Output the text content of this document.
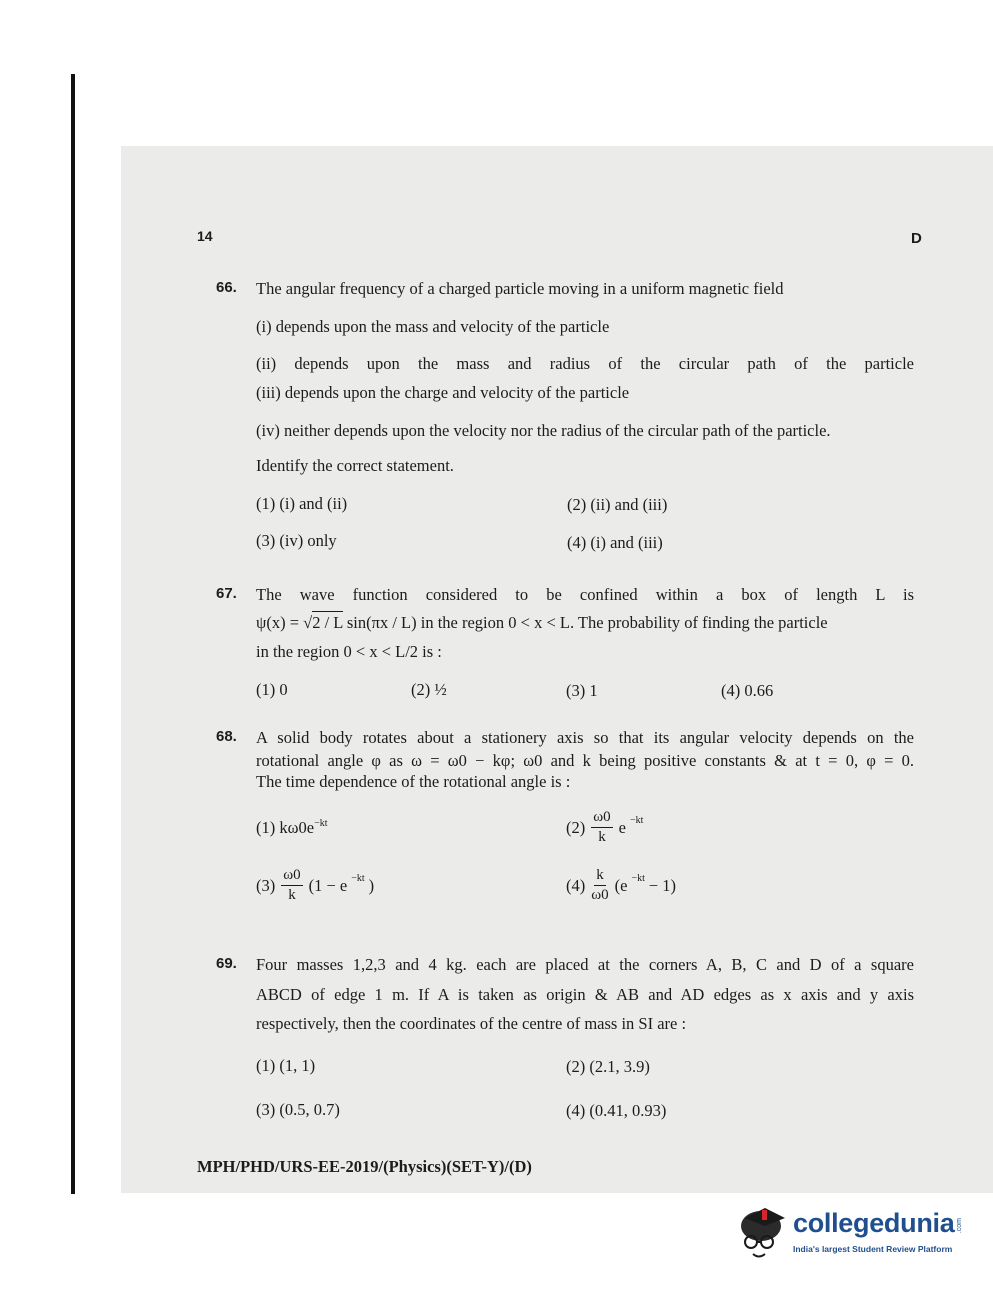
14	D
66. The angular frequency of a charged particle moving in a uniform magnetic field
(i) depends upon the mass and velocity of the particle
(ii) depends upon the mass and radius of the circular path of the particle
(iii) depends upon the charge and velocity of the particle
(iv) neither depends upon the velocity nor the radius of the circular path of the particle.
Identify the correct statement.
(1) (i) and (ii)	(2) (ii) and (iii)
(3) (iv) only	(4) (i) and (iii)
67. The wave function considered to be confined within a box of length L is
ψ(x) = √2 / L sin(πx / L) in the region 0 < x < L. The probability of finding the particle
in the region 0 < x < L/2 is :
(1) 0	(2) ½	(3) 1	(4) 0.66
68. A solid body rotates about a stationery axis so that its angular velocity depends on the
rotational angle φ as ω = ω0 − kφ; ω0 and k being positive constants & at t = 0, φ = 0.
The time dependence of the rotational angle is :
(1) $k\omega 0e^{-kt}$	$(2) \frac{\omega 0}{k}$ e −kt
$(3) \frac{\omega 0}{k} (1 - e -kt$ )	$(4) \frac{k}{\omega 0} (e -kt - 1)$
69. Four masses 1,2,3 and 4 kg. each are placed at the corners A, B, C and D of a square
ABCD of edge 1 m. If A is taken as origin & AB and AD edges as x axis and y axis
respectively, then the coordinates of the centre of mass in SI are :
(1) (1, 1)	(2) (2.1, 3.9)
(3) (0.5, 0.7)	(4) (0.41, 0.93)
MPH/PHD/URS-EE-2019/(Physics)(SET-Y)/(D)
collegedunia .com
India's largest Student Review Platform
